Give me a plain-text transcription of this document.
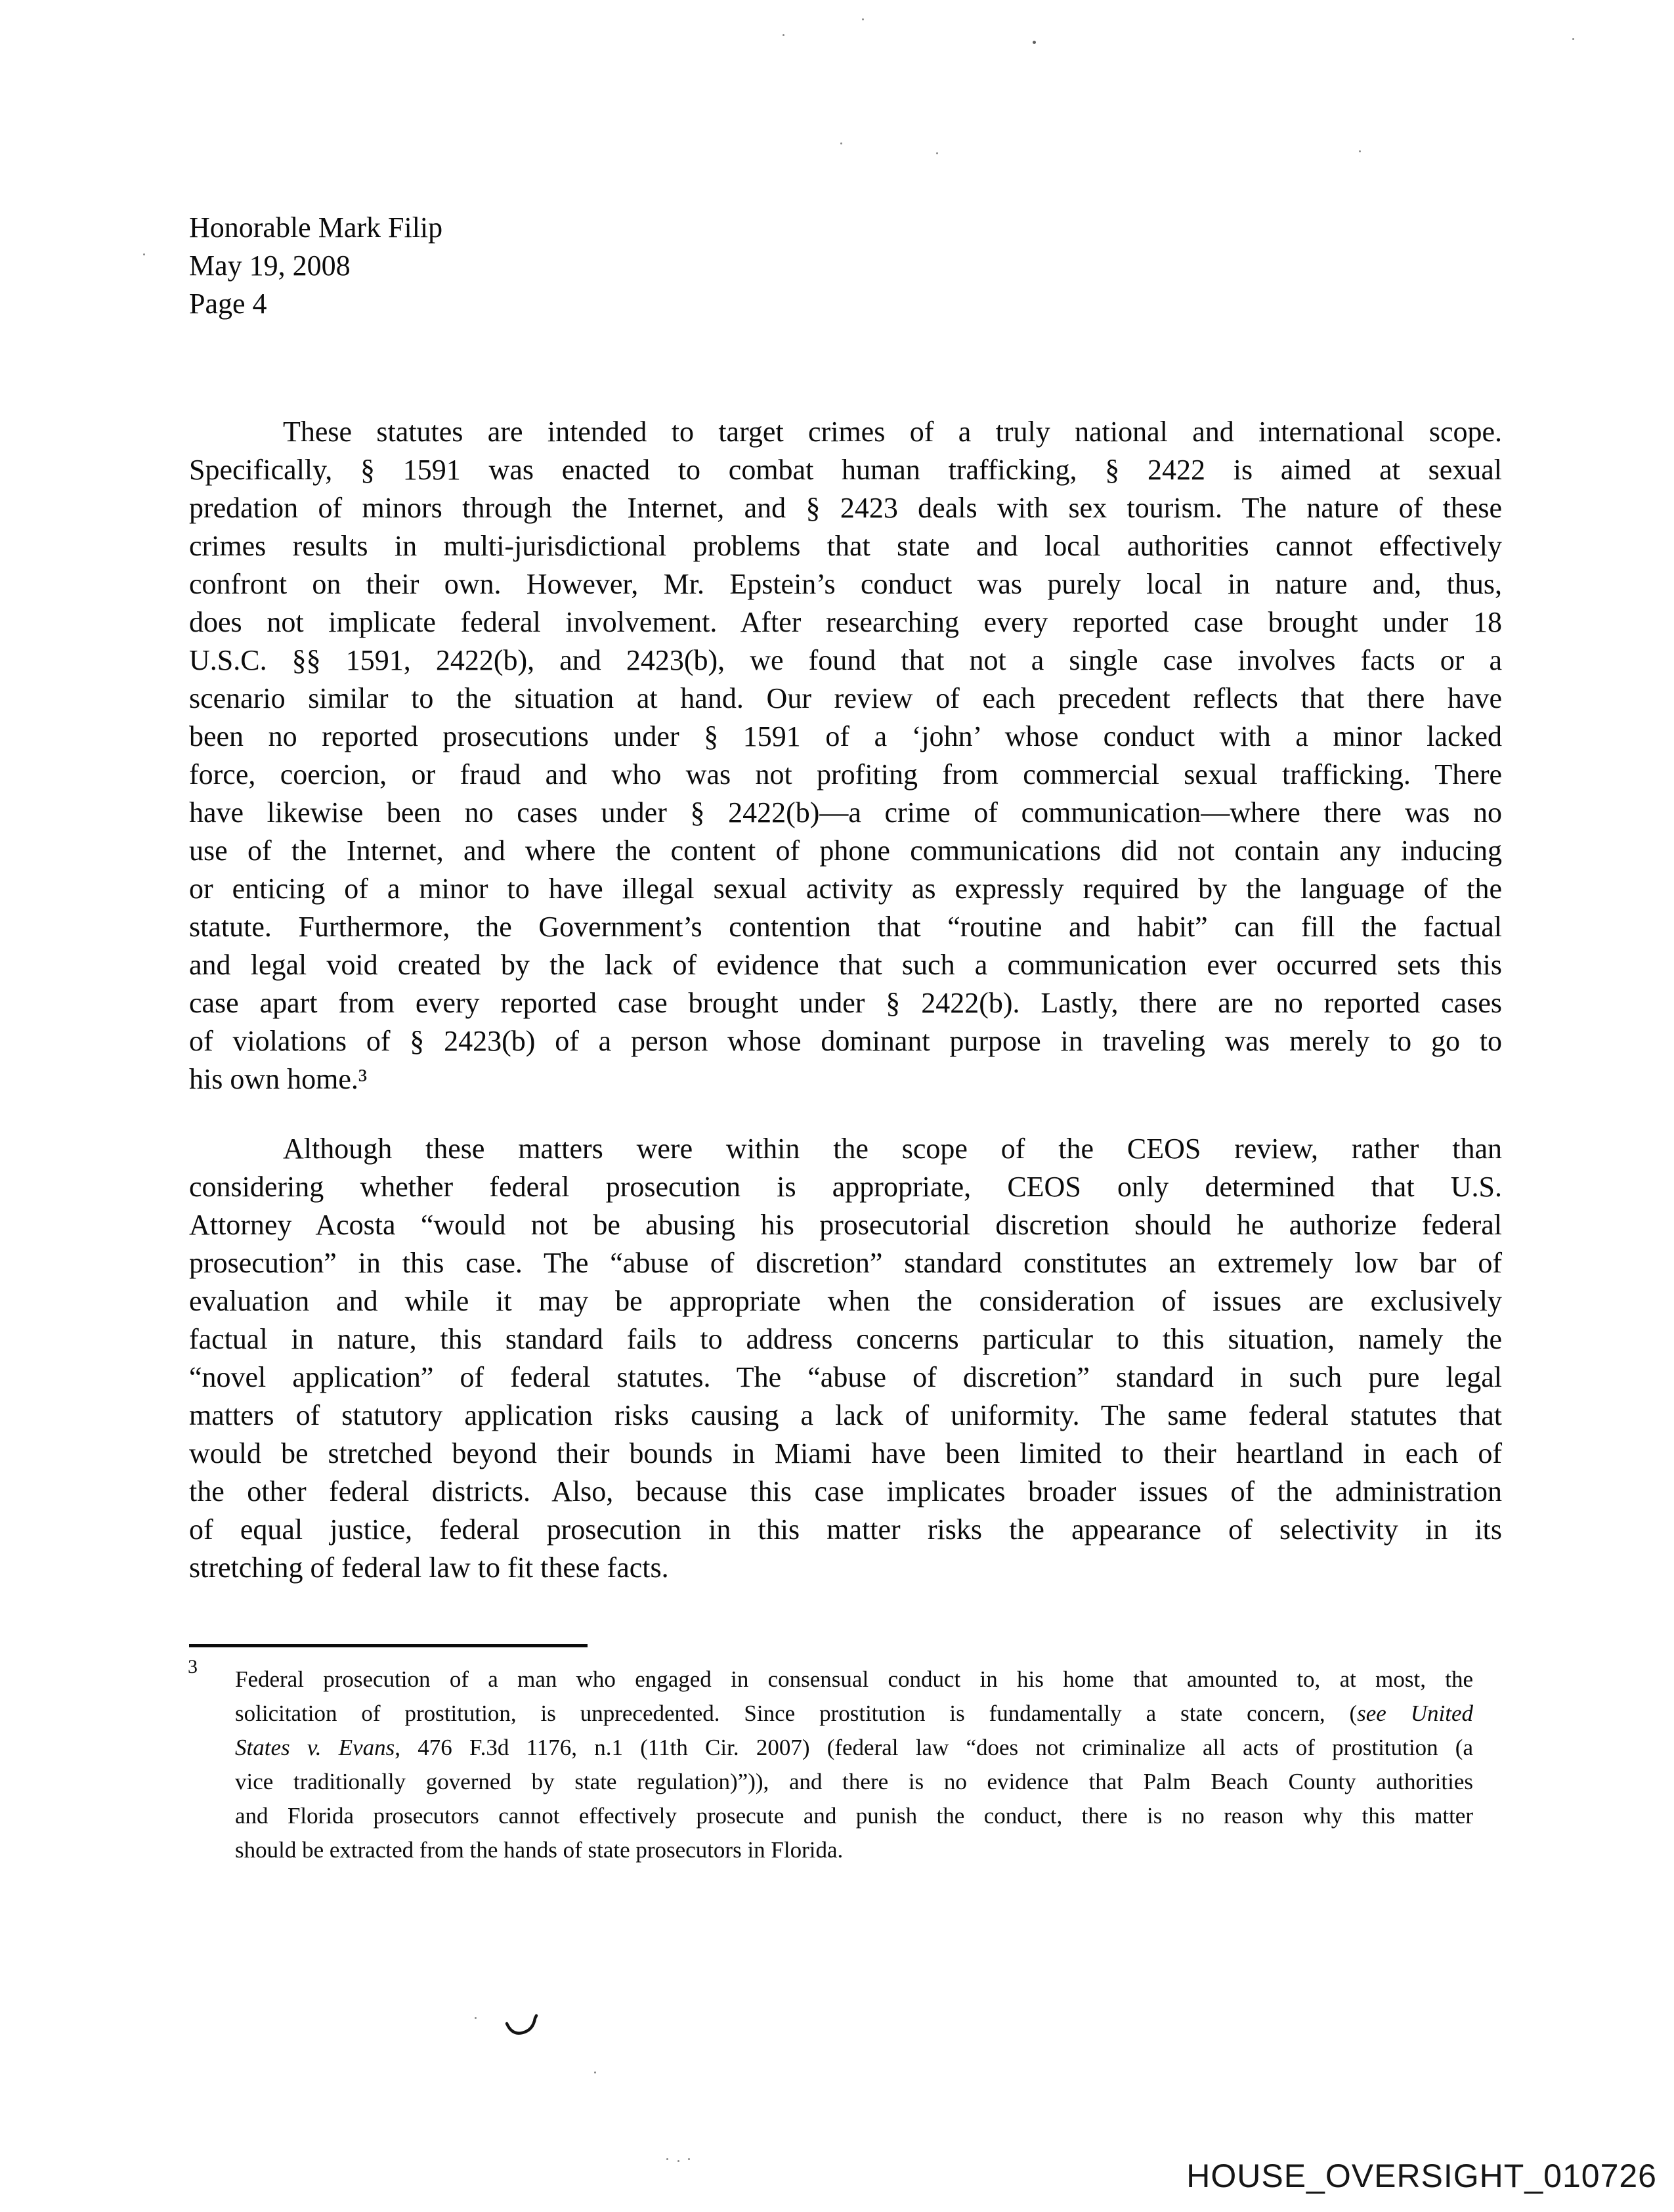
Honorable Mark Filip
May 19, 2008
Page 4
These statutes are intended to target crimes of a truly national and international scope.
Specifically, § 1591 was enacted to combat human trafficking, § 2422 is aimed at sexual
predation of minors through the Internet, and § 2423 deals with sex tourism. The nature of these
crimes results in multi-jurisdictional problems that state and local authorities cannot effectively
confront on their own. However, Mr. Epstein’s conduct was purely local in nature and, thus,
does not implicate federal involvement. After researching every reported case brought under 18
U.S.C. §§ 1591, 2422(b), and 2423(b), we found that not a single case involves facts or a
scenario similar to the situation at hand. Our review of each precedent reflects that there have
been no reported prosecutions under § 1591 of a ‘john’ whose conduct with a minor lacked
force, coercion, or fraud and who was not profiting from commercial sexual trafficking. There
have likewise been no cases under § 2422(b)—a crime of communication—where there was no
use of the Internet, and where the content of phone communications did not contain any inducing
or enticing of a minor to have illegal sexual activity as expressly required by the language of the
statute. Furthermore, the Government’s contention that “routine and habit” can fill the factual
and legal void created by the lack of evidence that such a communication ever occurred sets this
case apart from every reported case brought under § 2422(b). Lastly, there are no reported cases
of violations of § 2423(b) of a person whose dominant purpose in traveling was merely to go to
his own home.³
Although these matters were within the scope of the CEOS review, rather than
considering whether federal prosecution is appropriate, CEOS only determined that U.S.
Attorney Acosta “would not be abusing his prosecutorial discretion should he authorize federal
prosecution” in this case. The “abuse of discretion” standard constitutes an extremely low bar of
evaluation and while it may be appropriate when the consideration of issues are exclusively
factual in nature, this standard fails to address concerns particular to this situation, namely the
“novel application” of federal statutes. The “abuse of discretion” standard in such pure legal
matters of statutory application risks causing a lack of uniformity. The same federal statutes that
would be stretched beyond their bounds in Miami have been limited to their heartland in each of
the other federal districts. Also, because this case implicates broader issues of the administration
of equal justice, federal prosecution in this matter risks the appearance of selectivity in its
stretching of federal law to fit these facts.
3 Federal prosecution of a man who engaged in consensual conduct in his home that amounted to, at most, the
solicitation of prostitution, is unprecedented. Since prostitution is fundamentally a state concern, (see United
States v. Evans, 476 F.3d 1176, n.1 (11th Cir. 2007) (federal law “does not criminalize all acts of prostitution (a
vice traditionally governed by state regulation)”)), and there is no evidence that Palm Beach County authorities
and Florida prosecutors cannot effectively prosecute and punish the conduct, there is no reason why this matter
should be extracted from the hands of state prosecutors in Florida.
HOUSE_OVERSIGHT_010726
